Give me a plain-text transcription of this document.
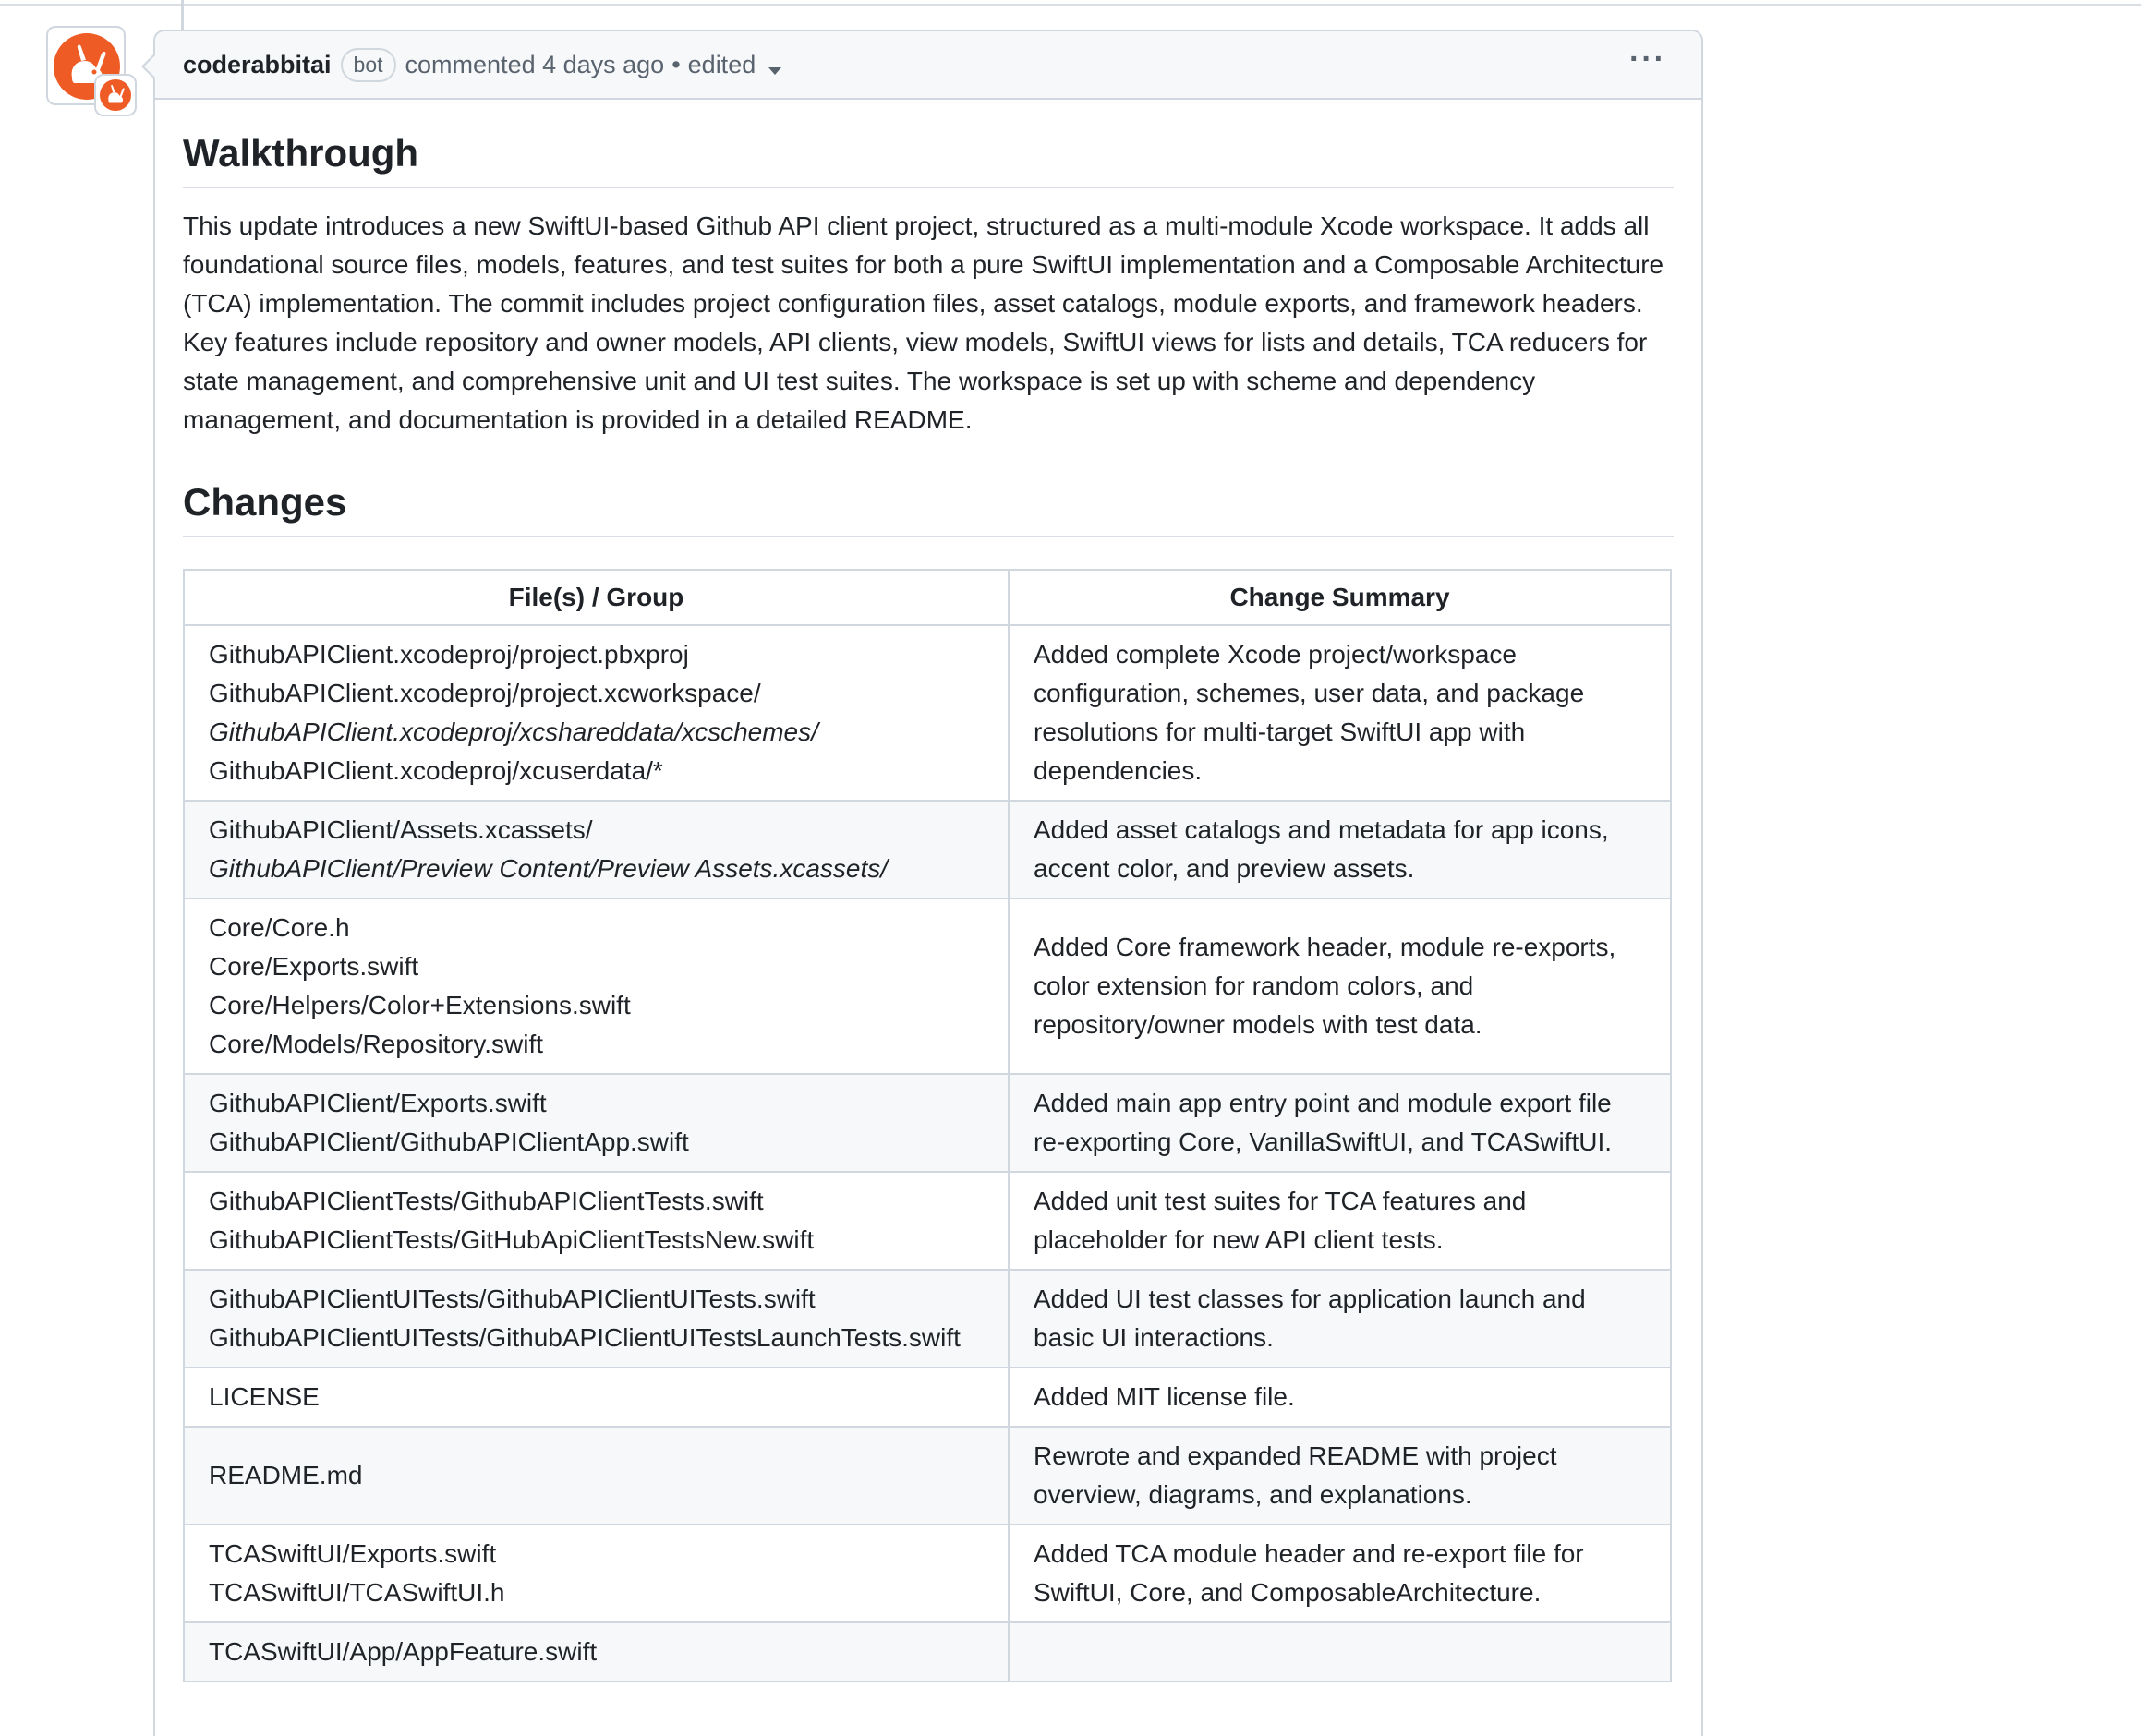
coderabbitai	bot commented 4 days ago • edited	···
Walkthrough

This update introduces a new SwiftUI-based Github API client project, structured as a multi-module Xcode workspace. It adds all foundational source files, models, features, and test suites for both a pure SwiftUI implementation and a Composable Architecture (TCA) implementation. The commit includes project configuration files, asset catalogs, module exports, and framework headers. Key features include repository and owner models, API clients, view models, SwiftUI views for lists and details, TCA reducers for state management, and comprehensive unit and UI test suites. The workspace is set up with scheme and dependency management, and documentation is provided in a detailed README.

Changes
File(s) / Group	Change Summary

GithubAPIClient.xcodeproj/project.pbxproj
GithubAPIClient.xcodeproj/project.xcworkspace/
GithubAPIClient.xcodeproj/xcshareddata/xcschemes/
GithubAPIClient.xcodeproj/xcuserdata/*	Added complete Xcode project/workspace configuration, schemes, user data, and package resolutions for multi-target SwiftUI app with dependencies.

GithubAPIClient/Assets.xcassets/
GithubAPIClient/Preview Content/Preview Assets.xcassets/	Added asset catalogs and metadata for app icons, accent color, and preview assets.

Core/Core.h
Core/Exports.swift
Core/Helpers/Color+Extensions.swift
Core/Models/Repository.swift	Added Core framework header, module re-exports, color extension for random colors, and repository/owner models with test data.

GithubAPIClient/Exports.swift
GithubAPIClient/GithubAPIClientApp.swift	Added main app entry point and module export file re-exporting Core, VanillaSwiftUI, and TCASwiftUI.

GithubAPIClientTests/GithubAPIClientTests.swift
GithubAPIClientTests/GitHubApiClientTestsNew.swift	Added unit test suites for TCA features and placeholder for new API client tests.

GithubAPIClientUITests/GithubAPIClientUITests.swift
GithubAPIClientUITests/GithubAPIClientUITestsLaunchTests.swift	Added UI test classes for application launch and basic UI interactions.

LICENSE	Added MIT license file.

README.md	Rewrote and expanded README with project overview, diagrams, and explanations.

TCASwiftUI/Exports.swift
TCASwiftUI/TCASwiftUI.h	Added TCA module header and re-export file for SwiftUI, Core, and ComposableArchitecture.

TCASwiftUI/App/AppFeature.swift	
